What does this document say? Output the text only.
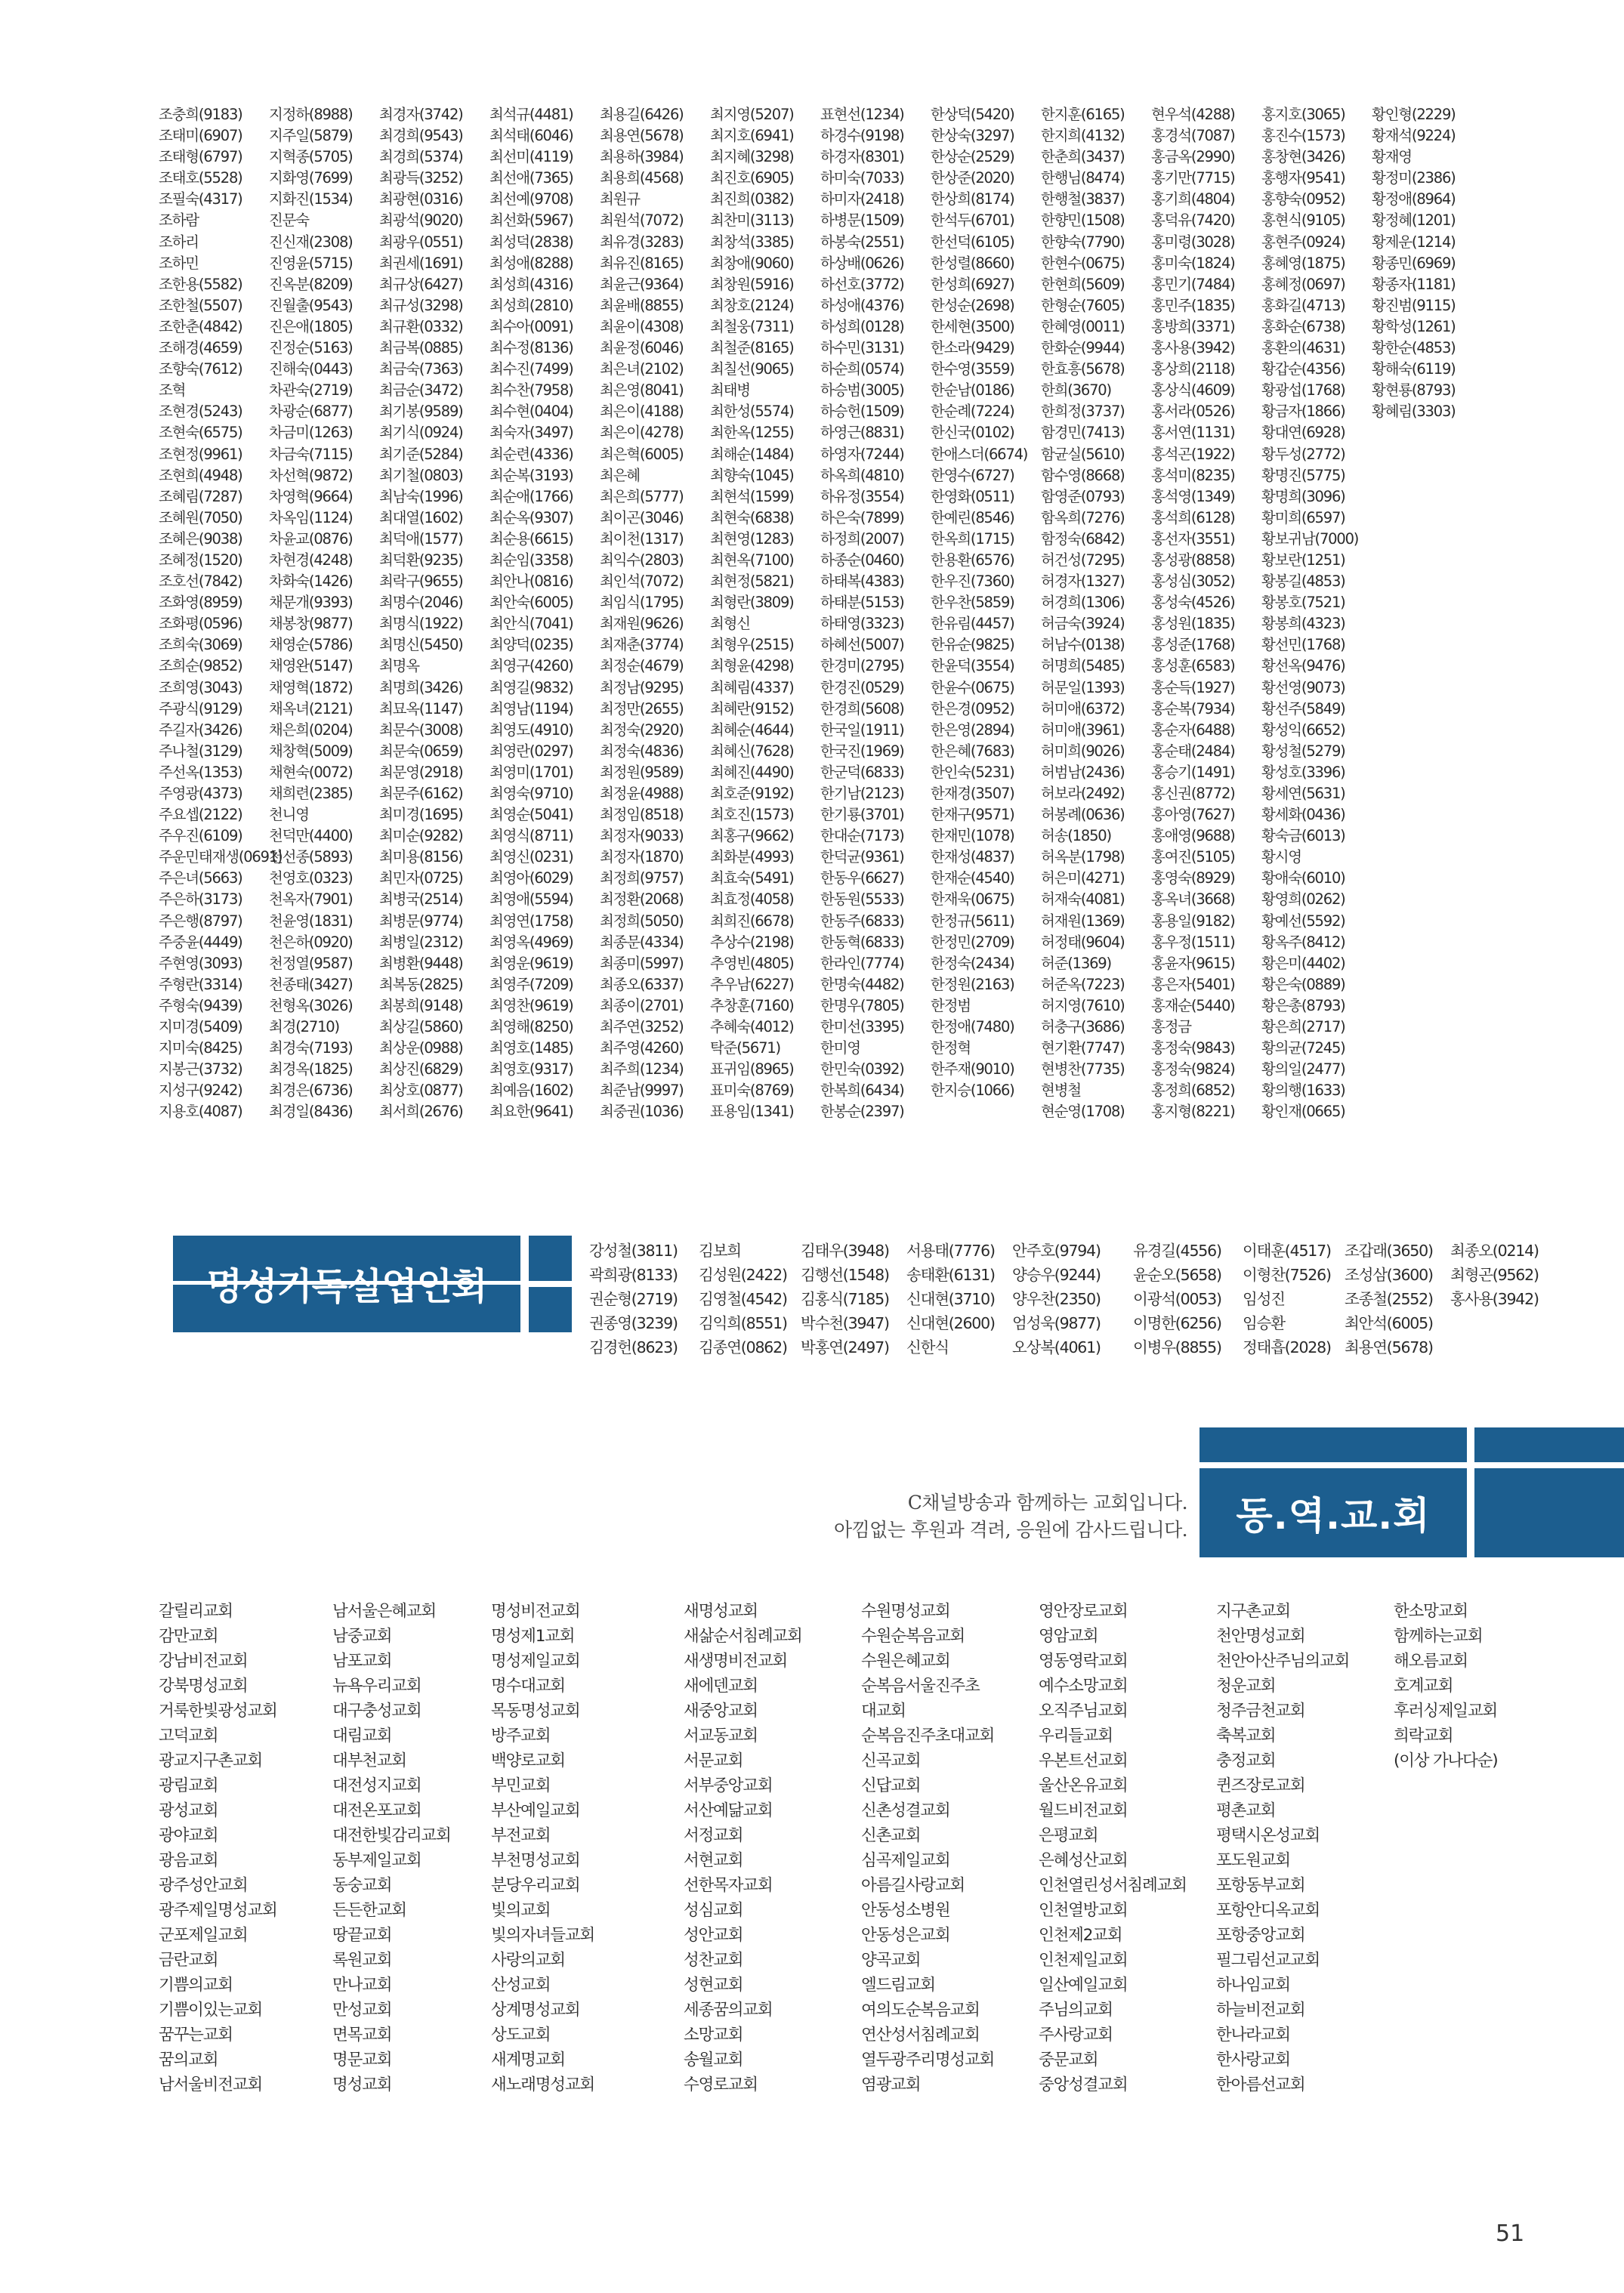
조충희(9183)
조태미(6907)
조태형(6797)
조태호(5528)
조필숙(4317)
조하람
조하리
조하민
조한용(5582)
조한철(5507)
조한춘(4842)
조해경(4659)
조향숙(7612)
조혁
조현경(5243)
조현숙(6575)
조현정(9961)
조현희(4948)
조혜림(7287)
조혜원(7050)
조혜은(9038)
조혜정(1520)
조호선(7842)
조화영(8959)
조화평(0596)
조희숙(3069)
조희순(9852)
조희영(3043)
주광식(9129)
주길자(3426)
주나철(3129)
주선옥(1353)
주영광(4373)
주요셉(2122)
주우진(6109)
주운민태재생(0691)
주은녀(5663)
주은하(3173)
주은행(8797)
주중윤(4449)
주현영(3093)
주형란(3314)
주형숙(9439)
지미경(5409)
지미숙(8425)
지봉근(3732)
지성구(9242)
지용호(4087)
지정하(8988)
지주일(5879)
지혁종(5705)
지화영(7699)
지화진(1534)
진문숙
진신재(2308)
진영윤(5715)
진옥분(8209)
진월출(9543)
진은애(1805)
진정순(5163)
진해숙(0443)
차관숙(2719)
차광순(6877)
차금미(1263)
차금숙(7115)
차선혁(9872)
차영혁(9664)
차옥임(1124)
차윤교(0876)
차현경(4248)
차화숙(1426)
채문개(9393)
채봉창(9877)
채영순(5786)
채영완(5147)
채영혁(1872)
채옥녀(2121)
채은희(0204)
채창혁(5009)
채현숙(0072)
채희련(2385)
천니영
천덕만(4400)
천선종(5893)
천영호(0323)
천옥자(7901)
천윤영(1831)
천은하(0920)
천정열(9587)
천종태(3427)
천형옥(3026)
최경(2710)
최경숙(7193)
최경옥(1825)
최경은(6736)
최경일(8436)
최경자(3742)
최경희(9543)
최경희(5374)
최광득(3252)
최광현(0316)
최광석(9020)
최광우(0551)
최권세(1691)
최규상(6427)
최규성(3298)
최규환(0332)
최금복(0885)
최금숙(7363)
최금순(3472)
최기봉(9589)
최기식(0924)
최기준(5284)
최기철(0803)
최남숙(1996)
최대열(1602)
최덕애(1577)
최덕환(9235)
최락구(9655)
최명수(2046)
최명식(1922)
최명신(5450)
최명옥
최명희(3426)
최묘옥(1147)
최문수(3008)
최문숙(0659)
최문영(2918)
최문주(6162)
최미경(1695)
최미순(9282)
최미용(8156)
최민자(0725)
최병국(2514)
최병문(9774)
최병일(2312)
최병환(9448)
최복동(2825)
최봉희(9148)
최상길(5860)
최상운(0988)
최상진(6829)
최상호(0877)
최서희(2676)
최석규(4481)
최석태(6046)
최선미(4119)
최선애(7365)
최선예(9708)
최선화(5967)
최성덕(2838)
최성애(8288)
최성희(4316)
최성희(2810)
최수아(0091)
최수정(8136)
최수진(7499)
최수찬(7958)
최수현(0404)
최숙자(3497)
최순련(4336)
최순복(3193)
최순애(1766)
최순옥(9307)
최순용(6615)
최순임(3358)
최안나(0816)
최안숙(6005)
최안식(7041)
최양덕(0235)
최영구(4260)
최영길(9832)
최영남(1194)
최영도(4910)
최영란(0297)
최영미(1701)
최영숙(9710)
최영순(5041)
최영식(8711)
최영신(0231)
최영아(6029)
최영애(5594)
최영연(1758)
최영옥(4969)
최영운(9619)
최영주(7209)
최영찬(9619)
최영해(8250)
최영호(1485)
최영호(9317)
최예음(1602)
최요한(9641)
최용길(6426)
최용연(5678)
최용하(3984)
최용희(4568)
최원규
최원석(7072)
최유경(3283)
최유진(8165)
최윤근(9364)
최윤배(8855)
최윤이(4308)
최윤정(6046)
최은녀(2102)
최은영(8041)
최은이(4188)
최은이(4278)
최은혁(6005)
최은혜
최은희(5777)
최이곤(3046)
최이천(1317)
최익수(2803)
최인석(7072)
최임식(1795)
최재원(9626)
최재춘(3774)
최정순(4679)
최정남(9295)
최정만(2655)
최정숙(2920)
최정숙(4836)
최정원(9589)
최정윤(4988)
최정임(8518)
최정자(9033)
최정자(1870)
최정희(9757)
최정환(2068)
최정희(5050)
최종문(4334)
최종미(5997)
최종오(6337)
최종이(2701)
최주연(3252)
최주영(4260)
최주희(1234)
최준남(9997)
최중권(1036)
최지영(5207)
최지호(6941)
최지혜(3298)
최진호(6905)
최진희(0382)
최찬미(3113)
최창석(3385)
최창애(9060)
최창원(5916)
최창호(2124)
최철웅(7311)
최철준(8165)
최칠선(9065)
최태병
최한성(5574)
최한옥(1255)
최해순(1484)
최향숙(1045)
최현석(1599)
최현숙(6838)
최현영(1283)
최현옥(7100)
최현정(5821)
최형란(3809)
최형신
최형우(2515)
최형윤(4298)
최혜림(4337)
최혜란(9152)
최혜순(4644)
최혜신(7628)
최혜진(4490)
최호준(9192)
최호진(1573)
최홍구(9662)
최화분(4993)
최효숙(5491)
최효정(4058)
최희진(6678)
추상수(2198)
추영빈(4805)
추우남(6227)
추창훈(7160)
추혜숙(4012)
탁준(5671)
표귀임(8965)
표미숙(8769)
표용임(1341)
표현선(1234)
하경수(9198)
하경자(8301)
하미숙(7033)
하미자(2418)
하병문(1509)
하봉숙(2551)
하상배(0626)
하선호(3772)
하성애(4376)
하성희(0128)
하수민(3131)
하순희(0574)
하승범(3005)
하승헌(1509)
하영근(8831)
하영자(7244)
하옥희(4810)
하유정(3554)
하은숙(7899)
하정희(2007)
하종순(0460)
하태복(4383)
하태분(5153)
하태영(3323)
하혜선(5007)
한경미(2795)
한경진(0529)
한경희(5608)
한국일(1911)
한국진(1969)
한군덕(6833)
한기남(2123)
한기룡(3701)
한대순(7173)
한덕균(9361)
한동우(6627)
한동원(5533)
한동주(6833)
한동혁(6833)
한라인(7774)
한명숙(4482)
한명우(7805)
한미선(3395)
한미영
한민숙(0392)
한복희(6434)
한봉순(2397)
한상덕(5420)
한상숙(3297)
한상순(2529)
한상준(2020)
한상희(8174)
한석두(6701)
한선덕(6105)
한성렬(8660)
한성희(6927)
한성순(2698)
한세현(3500)
한소라(9429)
한수영(3559)
한순남(0186)
한순례(7224)
한신국(0102)
한애스더(6674)
한영수(6727)
한영화(0511)
한예린(8546)
한옥희(1715)
한용환(6576)
한우진(7360)
한우찬(5859)
한유림(4457)
한유순(9825)
한윤덕(3554)
한윤수(0675)
한은경(0952)
한은영(2894)
한은혜(7683)
한인숙(5231)
한재경(3507)
한재구(9571)
한재민(1078)
한재성(4837)
한재순(4540)
한재욱(0675)
한정규(5611)
한정민(2709)
한정숙(2434)
한정원(2163)
한정범
한정애(7480)
한정혁
한주재(9010)
한지승(1066)
한지훈(6165)
한지희(4132)
한춘희(3437)
한행님(8474)
한행철(3837)
한향민(1508)
한향숙(7790)
한현수(0675)
한현희(5609)
한형순(7605)
한혜영(0011)
한화순(9944)
한효흥(5678)
한희(3670)
한희정(3737)
함경민(7413)
함균실(5610)
함수영(8668)
함영준(0793)
함옥희(7276)
함정숙(6842)
허건성(7295)
허경자(1327)
허경희(1306)
허금숙(3924)
허남수(0138)
허명희(5485)
허문일(1393)
허미애(6372)
허미애(3961)
허미희(9026)
허범남(2436)
허보라(2492)
허봉례(0636)
허송(1850)
허옥분(1798)
허은미(4271)
허재숙(4081)
허재원(1369)
허정태(9604)
허준(1369)
허준옥(7223)
허지영(7610)
허충구(3686)
현기환(7747)
현병찬(7735)
현병철
현순영(1708)
현우석(4288)
홍경석(7087)
홍금옥(2990)
홍기만(7715)
홍기희(4804)
홍덕유(7420)
홍미령(3028)
홍미숙(1824)
홍민기(7484)
홍민주(1835)
홍방희(3371)
홍사용(3942)
홍상희(2118)
홍상식(4609)
홍서라(0526)
홍서연(1131)
홍석곤(1922)
홍석미(8235)
홍석영(1349)
홍석희(6128)
홍선자(3551)
홍성광(8858)
홍성심(3052)
홍성숙(4526)
홍성원(1835)
홍성준(1768)
홍성훈(6583)
홍순득(1927)
홍순복(7934)
홍순자(6488)
홍순태(2484)
홍승기(1491)
홍신권(8772)
홍아영(7627)
홍애영(9688)
홍여진(5105)
홍영숙(8929)
홍옥녀(3668)
홍용일(9182)
홍우정(1511)
홍윤자(9615)
홍은자(5401)
홍재순(5440)
홍정금
홍정숙(9843)
홍정숙(9824)
홍정희(6852)
홍지형(8221)
홍지호(3065)
홍진수(1573)
홍창현(3426)
홍행자(9541)
홍향숙(0952)
홍현식(9105)
홍현주(0924)
홍혜영(1875)
홍혜정(0697)
홍화길(4713)
홍화순(6738)
홍환의(4631)
황갑순(4356)
황광섭(1768)
황금자(1866)
황대연(6928)
황두성(2772)
황명진(5775)
황명희(3096)
황미희(6597)
황보귀남(7000)
황보란(1251)
황봉길(4853)
황봉호(7521)
황봉희(4323)
황선민(1768)
황선옥(9476)
황선영(9073)
황선주(5849)
황성익(6652)
황성철(5279)
황성호(3396)
황세연(5631)
황세화(0436)
황숙금(6013)
황시영
황애숙(6010)
황영희(0262)
황예선(5592)
황옥주(8412)
황은미(4402)
황은숙(0889)
황은총(8793)
황은희(2717)
황의균(7245)
황의일(2477)
황의행(1633)
황인재(0665)
황인형(2229)
황재석(9224)
황재영
황정미(2386)
황정애(8964)
황정혜(1201)
황제운(1214)
황종민(6969)
황종자(1181)
황진범(9115)
황학성(1261)
황한순(4853)
황해숙(6119)
황현룡(8793)
황혜림(3303)
명성기독실업인회
강성철(3811)
곽희광(8133)
권순형(2719)
권종영(3239)
김경헌(8623)
김보희
김성원(2422)
김영철(4542)
김익희(8551)
김종연(0862)
김태우(3948)
김행선(1548)
김홍식(7185)
박수천(3947)
박홍연(2497)
서용태(7776)
송태환(6131)
신대현(3710)
신대현(2600)
신한식
안주호(9794)
양승우(9244)
양우찬(2350)
엄성욱(9877)
오상복(4061)
유경길(4556)
윤순오(5658)
이광석(0053)
이명한(6256)
이병우(8855)
이태훈(4517)
이형찬(7526)
임성진
임승환
정태흡(2028)
조갑래(3650)
조성삼(3600)
조종철(2552)
최안석(6005)
최용연(5678)
최종오(0214)
최형곤(9562)
홍사용(3942)
C채널방송과 함께하는 교회입니다.
아낌없는 후원과 격려, 응원에 감사드립니다.	동.역.교.회
갈릴리교회
감만교회
강남비전교회
강북명성교회
거룩한빛광성교회
고덕교회
광교지구촌교회
광림교회
광성교회
광야교회
광음교회
광주성안교회
광주제일명성교회
군포제일교회
금란교회
기쁨의교회
기쁨이있는교회
꿈꾸는교회
꿈의교회
남서울비전교회
남서울은혜교회
남중교회
남포교회
뉴욕우리교회
대구충성교회
대림교회
대부천교회
대전성지교회
대전온포교회
대전한빛감리교회
동부제일교회
동숭교회
든든한교회
땅끝교회
록원교회
만나교회
만성교회
면목교회
명문교회
명성교회
명성비전교회
명성제1교회
명성제일교회
명수대교회
목동명성교회
방주교회
백양로교회
부민교회
부산예일교회
부전교회
부천명성교회
분당우리교회
빛의교회
빛의자녀들교회
사랑의교회
산성교회
상계명성교회
상도교회
새계명교회
새노래명성교회
새명성교회
새삶순서침례교회
새생명비전교회
새에덴교회
새중앙교회
서교동교회
서문교회
서부중앙교회
서산예닮교회
서정교회
서현교회
선한목자교회
성심교회
성안교회
성찬교회
성현교회
세종꿈의교회
소망교회
송월교회
수영로교회
수원명성교회
수원순복음교회
수원은혜교회
순복음서울진주초
대교회
순복음진주초대교회
신곡교회
신답교회
신촌성결교회
신촌교회
심곡제일교회
아름길사랑교회
안동성소병원
안동성은교회
양곡교회
엘드림교회
여의도순복음교회
연산성서침례교회
열두광주리명성교회
염광교회
영안장로교회
영암교회
영동영락교회
예수소망교회
오직주님교회
우리들교회
우본트선교회
울산온유교회
월드비전교회
은평교회
은혜성산교회
인천열린성서침례교회
인천열방교회
인천제2교회
인천제일교회
일산예일교회
주님의교회
주사랑교회
중문교회
중앙성결교회
지구촌교회
천안명성교회
천안아산주님의교회
청운교회
청주금천교회
축복교회
충정교회
퀸즈장로교회
평촌교회
평택시온성교회
포도원교회
포항동부교회
포항안디옥교회
포항중앙교회
필그림선교교회
하나임교회
하늘비전교회
한나라교회
한사랑교회
한아름선교회
한소망교회
함께하는교회
해오름교회
호계교회
후러싱제일교회
희락교회
(이상 가나다순)
51
